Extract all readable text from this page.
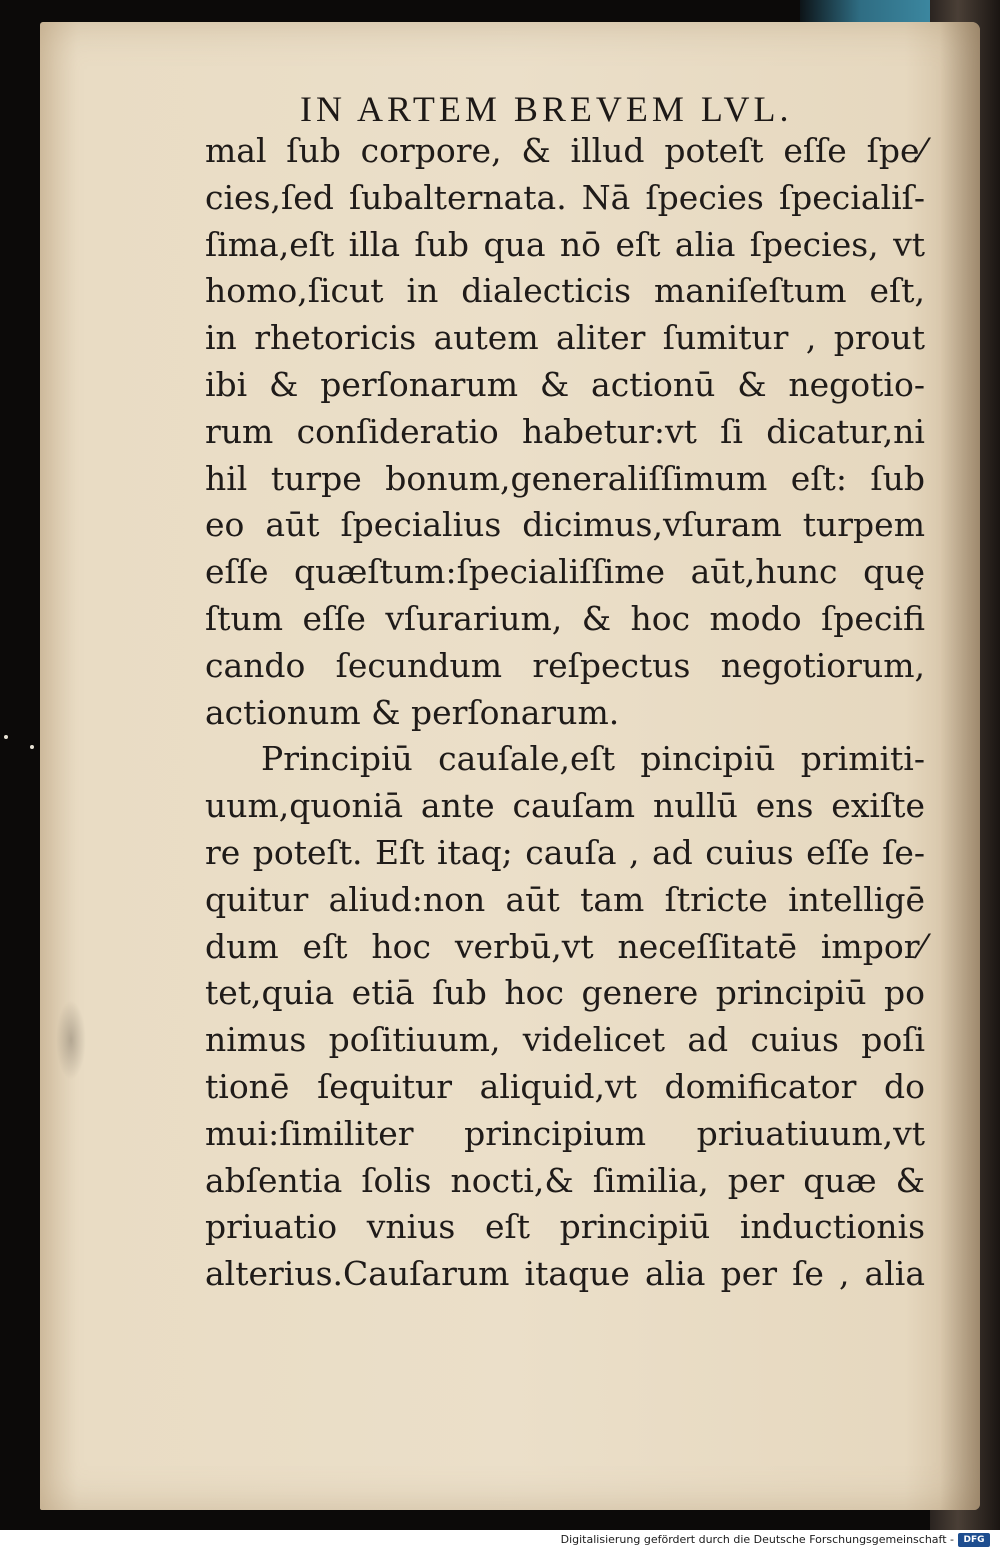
IN ARTEM BREVEM LVL.
mal ſub corpore, & illud poteſt eſſe ſpe⁄
cies,ſed ſubalternata. Nā ſpecies ſpecialiſ-
ſima,eſt illa ſub qua nō eſt alia ſpecies, vt
homo,ſicut in dialecticis maniſeſtum eſt,
in rhetoricis autem aliter ſumitur , prout
ibi & perſonarum & actionū & negotio-
rum conſideratio habetur:vt ſi dicatur,ni
hil turpe bonum,generaliſſimum eſt: ſub
eo aūt ſpecialius dicimus,vſuram turpem
eſſe quæſtum:ſpecialiſſime aūt,hunc quę
ſtum eſſe vſurarium, & hoc modo ſpecifi
cando ſecundum reſpectus negotiorum,
actionum & perſonarum.
Principiū cauſale,eſt pincipiū primiti-
uum,quoniā ante cauſam nullū ens exiſte
re poteſt. Eſt itaq; cauſa , ad cuius eſſe ſe-
quitur aliud:non aūt tam ſtricte intelligē
dum eſt hoc verbū,vt neceſſitatē impor⁄
tet,quia etiā ſub hoc genere principiū po
nimus poſitiuum, videlicet ad cuius poſi
tionē ſequitur aliquid,vt domificator do
mui:ſimiliter principium priuatiuum,vt
abſentia ſolis nocti,& ſimilia, per quæ &
priuatio vnius eſt principiū inductionis
alterius.Cauſarum itaque alia per ſe , alia
Digitalisierung gefördert durch die Deutsche Forschungsgemeinschaft -	DFG
